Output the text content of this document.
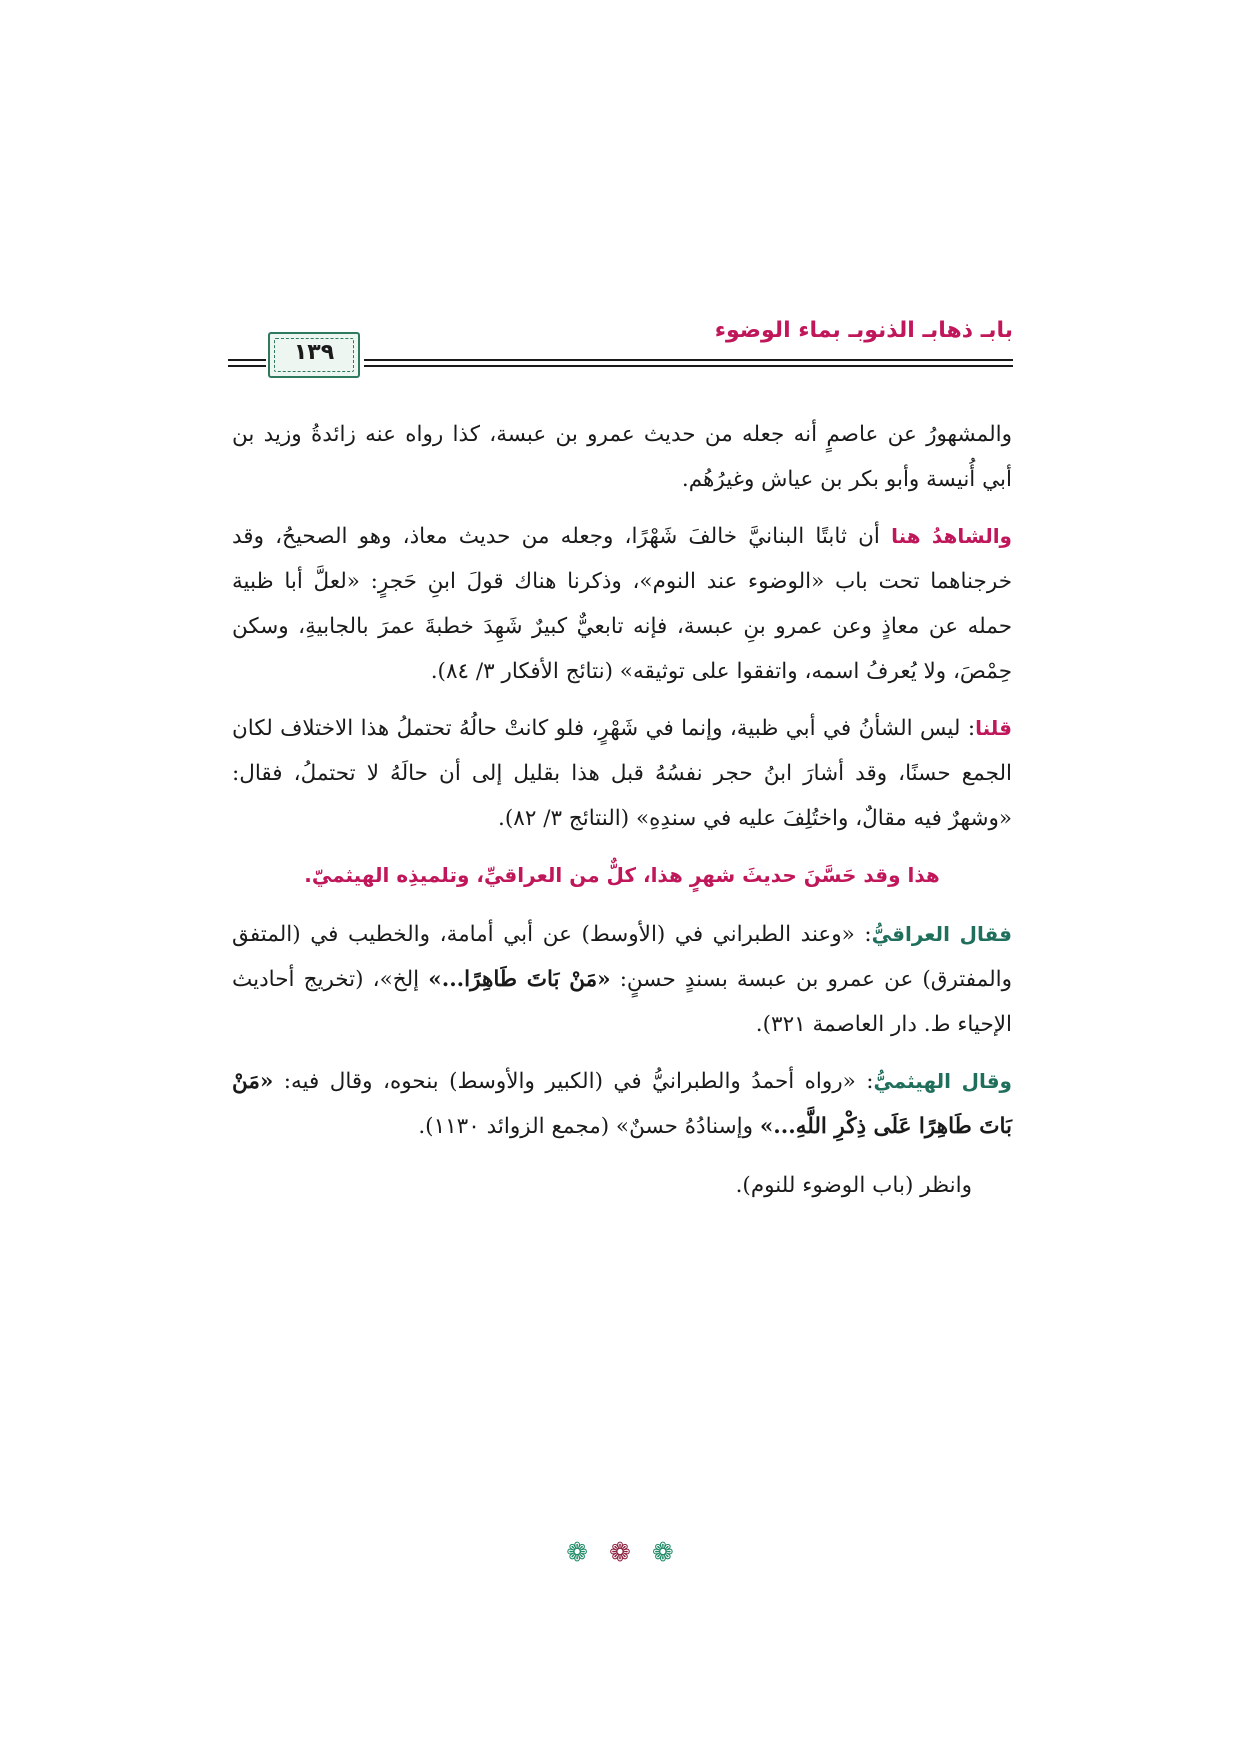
بابـ ذهابـ الذنوبـ بماء الوضوء
١٣٩

والمشهورُ عن عاصمٍ أنه جعله من حديث عمرو بن عبسة، كذا رواه عنه زائدةُ وزيد بن أبي أُنيسة وأبو بكر بن عياش وغيرُهُم.

والشاهدُ هنا أن ثابتًا البنانيَّ خالفَ شَهْرًا، وجعله من حديث معاذ، وهو الصحيحُ، وقد خرجناهما تحت باب «الوضوء عند النوم»، وذكرنا هناك قولَ ابنِ حَجرٍ: «لعلَّ أبا ظبية حمله عن معاذٍ وعن عمرو بنِ عبسة، فإنه تابعيٌّ كبيرٌ شَهِدَ خطبةَ عمرَ بالجابيةِ، وسكن حِمْصَ، ولا يُعرفُ اسمه، واتفقوا على توثيقه» (نتائج الأفكار ٣/ ٨٤).

قلنا: ليس الشأنُ في أبي ظبية، وإنما في شَهْرٍ، فلو كانتْ حالُهُ تحتملُ هذا الاختلاف لكان الجمع حسنًا، وقد أشارَ ابنُ حجر نفسُهُ قبل هذا بقليل إلى أن حالَهُ لا تحتملُ، فقال: «وشهرٌ فيه مقالٌ، واختُلِفَ عليه في سندِهِ» (النتائج ٣/ ٨٢).

هذا وقد حَسَّنَ حديثَ شهرٍ هذا، كلٌّ من العراقيِّ، وتلميذِه الهيثميّ.

فقال العراقيُّ: «وعند الطبراني في (الأوسط) عن أبي أمامة، والخطيب في (المتفق والمفترق) عن عمرو بن عبسة بسندٍ حسنٍ: «مَنْ بَاتَ طَاهِرًا...» إلخ»، (تخريج أحاديث الإحياء ط. دار العاصمة ٣٢١).

وقال الهيثميُّ: «رواه أحمدُ والطبرانيُّ في (الكبير والأوسط) بنحوه، وقال فيه: «مَنْ بَاتَ طَاهِرًا عَلَى ذِكْرِ اللَّهِ...» وإسنادُهُ حسنٌ» (مجمع الزوائد ١١٣٠).

وانظر (باب الوضوء للنوم).

❁ ❁ ❁
